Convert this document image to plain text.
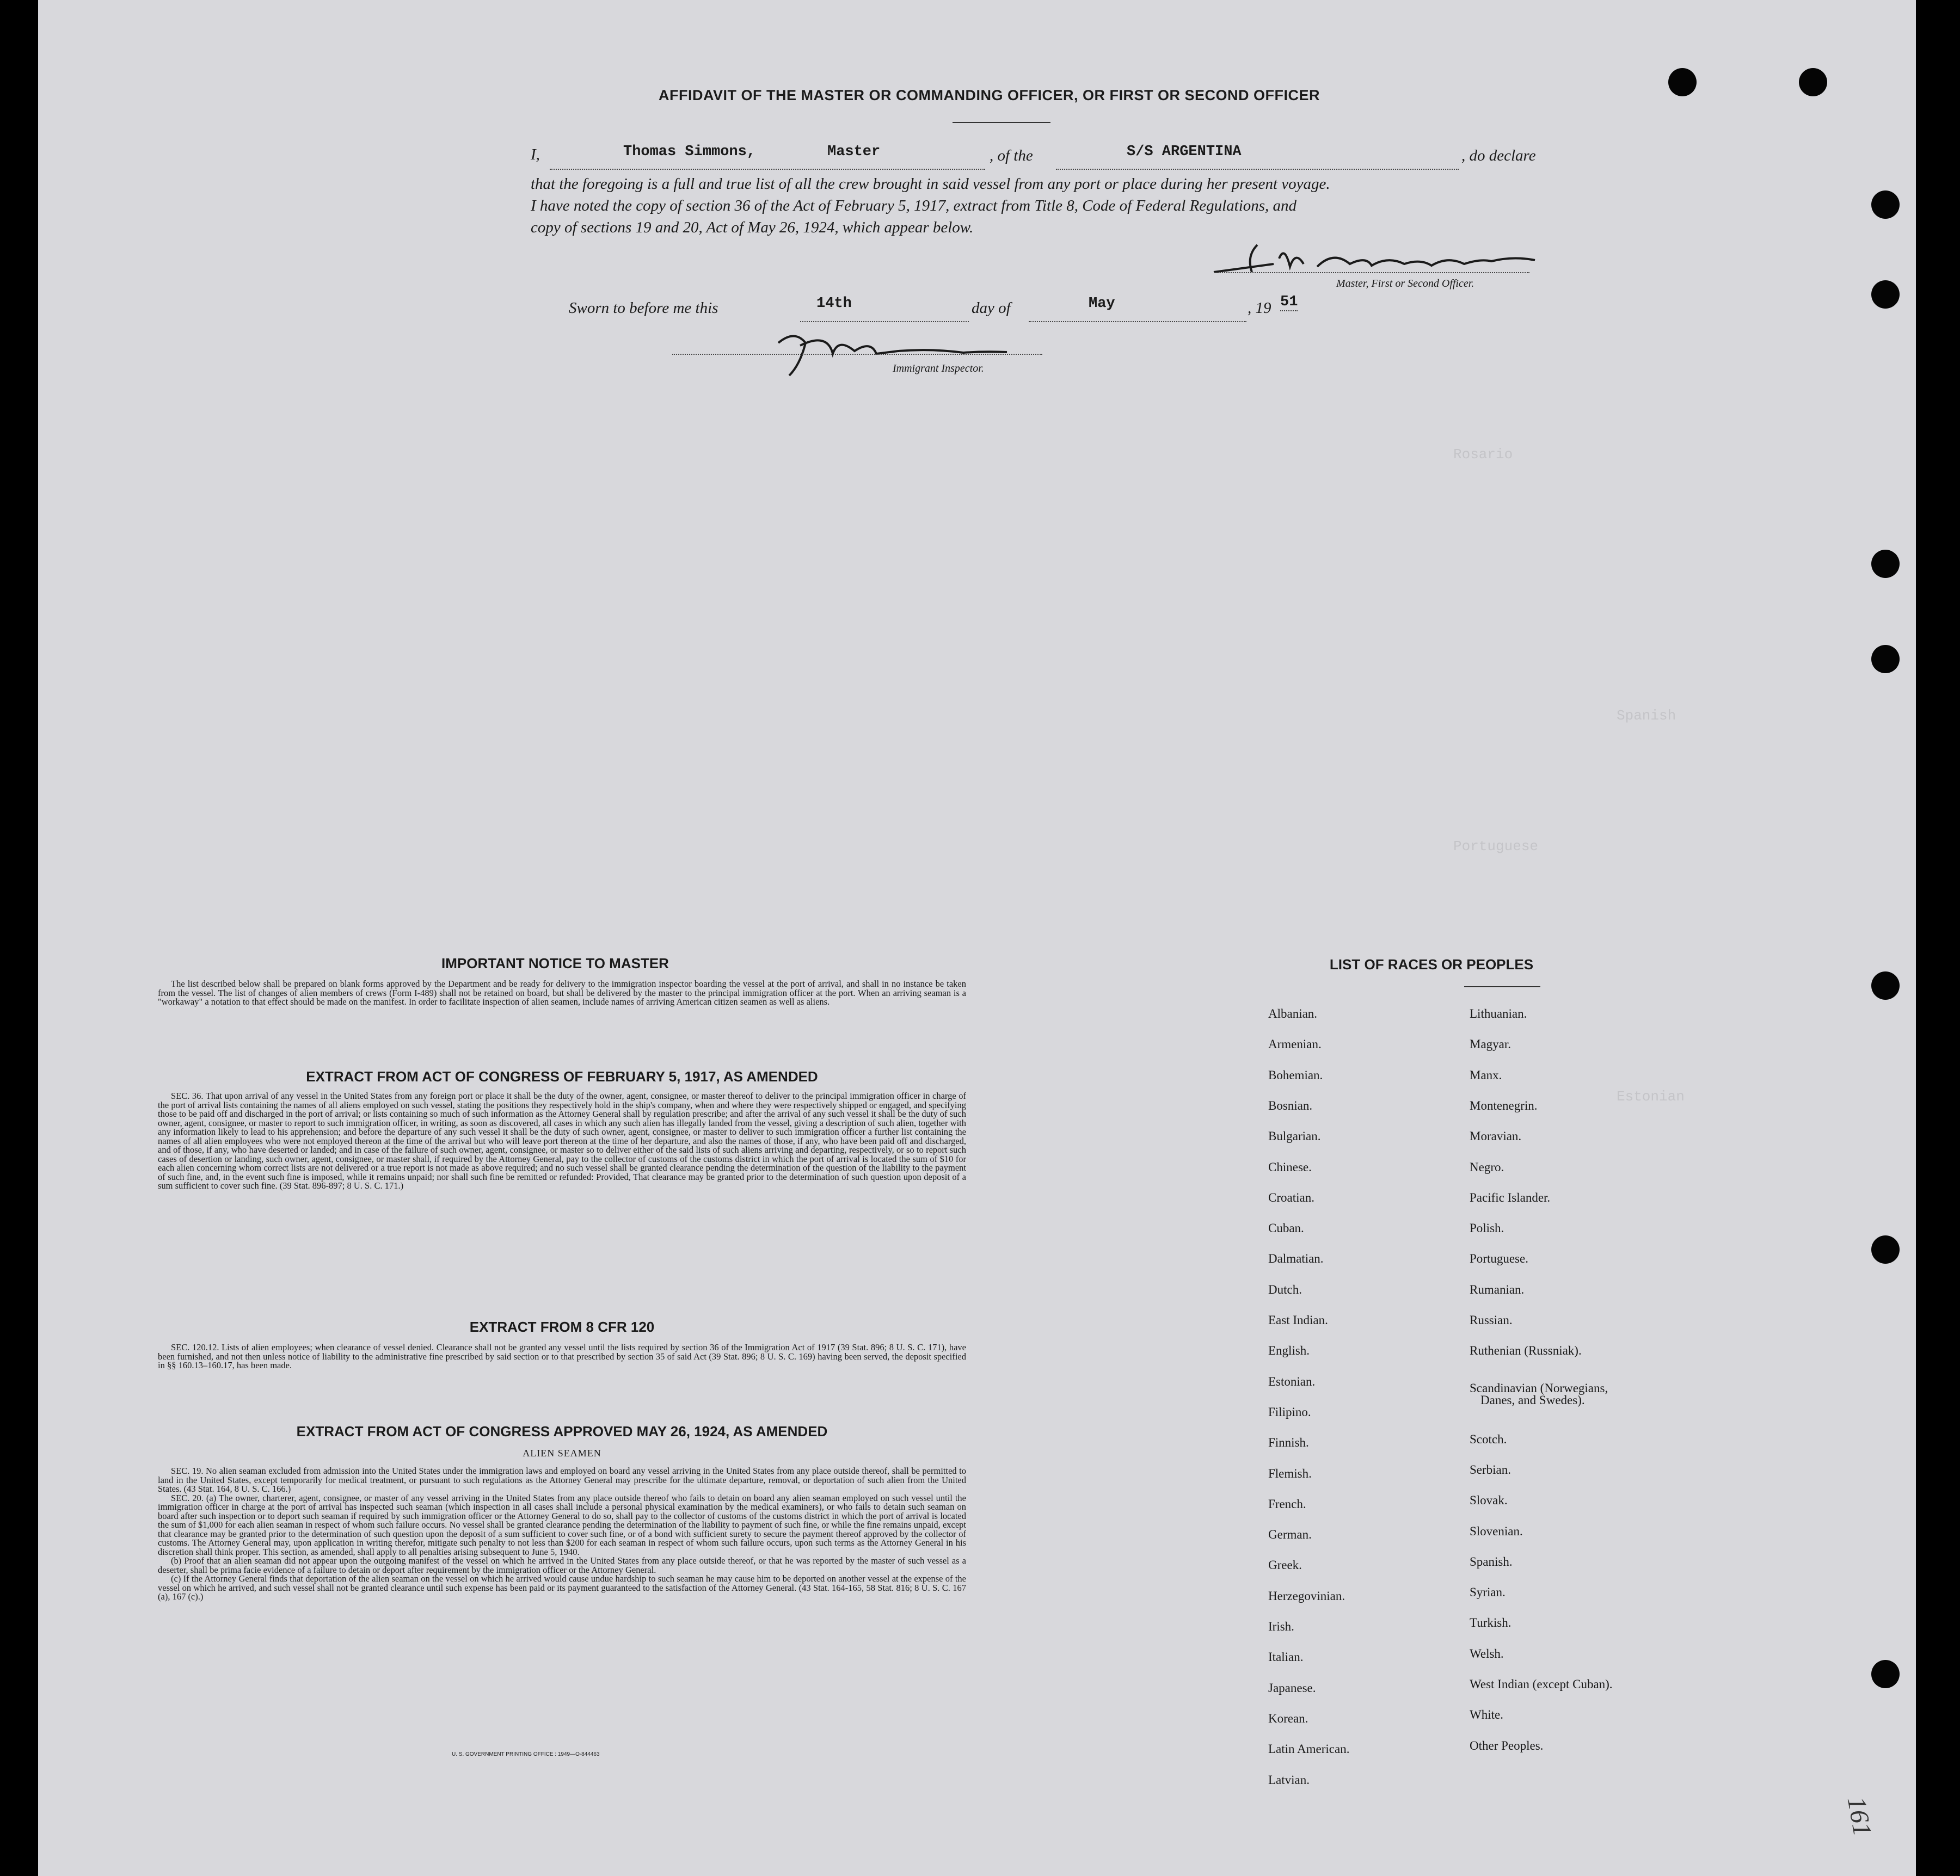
AFFIDAVIT OF THE MASTER OR COMMANDING OFFICER, OR FIRST OR SECOND OFFICER
I,	Thomas Simmons,	Master	, of the	S/S ARGENTINA	, do declare
that the foregoing is a full and true list of all the crew brought in said vessel from any port or place during her present voyage.
I have noted the copy of section 36 of the Act of February 5, 1917, extract from Title 8, Code of Federal Regulations, and
copy of sections 19 and 20, Act of May 26, 1924, which appear below.
Master, First or Second Officer.
Sworn to before me this	14th	day of	May	, 19 51
Immigrant Inspector.
Rosario
Spanish
Portuguese
Estonian
IMPORTANT NOTICE TO MASTER

The list described below shall be prepared on blank forms approved by the Department and be ready for delivery to the immigration inspector boarding the vessel at the port of arrival, and shall in no instance be taken from the vessel. The list of changes of alien members of crews (Form I-489) shall not be retained on board, but shall be delivered by the master to the principal immigration officer at the port. When an arriving seaman is a "workaway" a notation to that effect should be made on the manifest. In order to facilitate inspection of alien seamen, include names of arriving American citizen seamen as well as aliens.

EXTRACT FROM ACT OF CONGRESS OF FEBRUARY 5, 1917, AS AMENDED

SEC. 36. That upon arrival of any vessel in the United States from any foreign port or place it shall be the duty of the owner, agent, consignee, or master thereof to deliver to the principal immigration officer in charge of the port of arrival lists containing the names of all aliens employed on such vessel, stating the positions they respectively hold in the ship's company, when and where they were respectively shipped or engaged, and specifying those to be paid off and discharged in the port of arrival; or lists containing so much of such information as the Attorney General shall by regulation prescribe; and after the arrival of any such vessel it shall be the duty of such owner, agent, consignee, or master to report to such immigration officer, in writing, as soon as discovered, all cases in which any such alien has illegally landed from the vessel, giving a description of such alien, together with any information likely to lead to his apprehension; and before the departure of any such vessel it shall be the duty of such owner, agent, consignee, or master to deliver to such immigration officer a further list containing the names of all alien employees who were not employed thereon at the time of the arrival but who will leave port thereon at the time of her departure, and also the names of those, if any, who have been paid off and discharged, and of those, if any, who have deserted or landed; and in case of the failure of such owner, agent, consignee, or master so to deliver either of the said lists of such aliens arriving and departing, respectively, or so to report such cases of desertion or landing, such owner, agent, consignee, or master shall, if required by the Attorney General, pay to the collector of customs of the customs district in which the port of arrival is located the sum of $10 for each alien concerning whom correct lists are not delivered or a true report is not made as above required; and no such vessel shall be granted clearance pending the determination of the question of the liability to the payment of such fine, and, in the event such fine is imposed, while it remains unpaid; nor shall such fine be remitted or refunded: Provided, That clearance may be granted prior to the determination of such question upon deposit of a sum sufficient to cover such fine. (39 Stat. 896-897; 8 U. S. C. 171.)

EXTRACT FROM 8 CFR 120

SEC. 120.12. Lists of alien employees; when clearance of vessel denied. Clearance shall not be granted any vessel until the lists required by section 36 of the Immigration Act of 1917 (39 Stat. 896; 8 U. S. C. 171), have been furnished, and not then unless notice of liability to the administrative fine prescribed by said section or to that prescribed by section 35 of said Act (39 Stat. 896; 8 U. S. C. 169) having been served, the deposit specified in §§ 160.13–160.17, has been made.

EXTRACT FROM ACT OF CONGRESS APPROVED MAY 26, 1924, AS AMENDED
ALIEN SEAMEN

SEC. 19. No alien seaman excluded from admission into the United States under the immigration laws and employed on board any vessel arriving in the United States from any place outside thereof, shall be permitted to land in the United States, except temporarily for medical treatment, or pursuant to such regulations as the Attorney General may prescribe for the ultimate departure, removal, or deportation of such alien from the United States. (43 Stat. 164, 8 U. S. C. 166.)

SEC. 20. (a) The owner, charterer, agent, consignee, or master of any vessel arriving in the United States from any place outside thereof who fails to detain on board any alien seaman employed on such vessel until the immigration officer in charge at the port of arrival has inspected such seaman (which inspection in all cases shall include a personal physical examination by the medical examiners), or who fails to detain such seaman on board after such inspection or to deport such seaman if required by such immigration officer or the Attorney General to do so, shall pay to the collector of customs of the customs district in which the port of arrival is located the sum of $1,000 for each alien seaman in respect of whom such failure occurs. No vessel shall be granted clearance pending the determination of the liability to payment of such fine, or while the fine remains unpaid, except that clearance may be granted prior to the determination of such question upon the deposit of a sum sufficient to cover such fine, or of a bond with sufficient surety to secure the payment thereof approved by the collector of customs. The Attorney General may, upon application in writing therefor, mitigate such penalty to not less than $200 for each seaman in respect of whom such failure occurs, upon such terms as the Attorney General in his discretion shall think proper. This section, as amended, shall apply to all penalties arising subsequent to June 5, 1940.

(b) Proof that an alien seaman did not appear upon the outgoing manifest of the vessel on which he arrived in the United States from any place outside thereof, or that he was reported by the master of such vessel as a deserter, shall be prima facie evidence of a failure to detain or deport after requirement by the immigration officer or the Attorney General.

(c) If the Attorney General finds that deportation of the alien seaman on the vessel on which he arrived would cause undue hardship to such seaman he may cause him to be deported on another vessel at the expense of the vessel on which he arrived, and such vessel shall not be granted clearance until such expense has been paid or its payment guaranteed to the satisfaction of the Attorney General. (43 Stat. 164-165, 58 Stat. 816; 8 U. S. C. 167 (a), 167 (c).)

U. S. GOVERNMENT PRINTING OFFICE : 1949—O-844463
LIST OF RACES OR PEOPLES
161
Albanian.
Armenian.
Bohemian.
Bosnian.
Bulgarian.
Chinese.
Croatian.
Cuban.
Dalmatian.
Dutch.
East Indian.
English.
Estonian.
Filipino.
Finnish.
Flemish.
French.
German.
Greek.
Herzegovinian.
Irish.
Italian.
Japanese.
Korean.
Latin American.
Latvian.
Lithuanian.
Magyar.
Manx.
Montenegrin.
Moravian.
Negro.
Pacific Islander.
Polish.
Portuguese.
Rumanian.
Russian.
Ruthenian (Russniak).
Scandinavian (Norwegians,
Danes, and Swedes).
Scotch.
Serbian.
Slovak.
Slovenian.
Spanish.
Syrian.
Turkish.
Welsh.
West Indian (except Cuban).
White.
Other Peoples.
